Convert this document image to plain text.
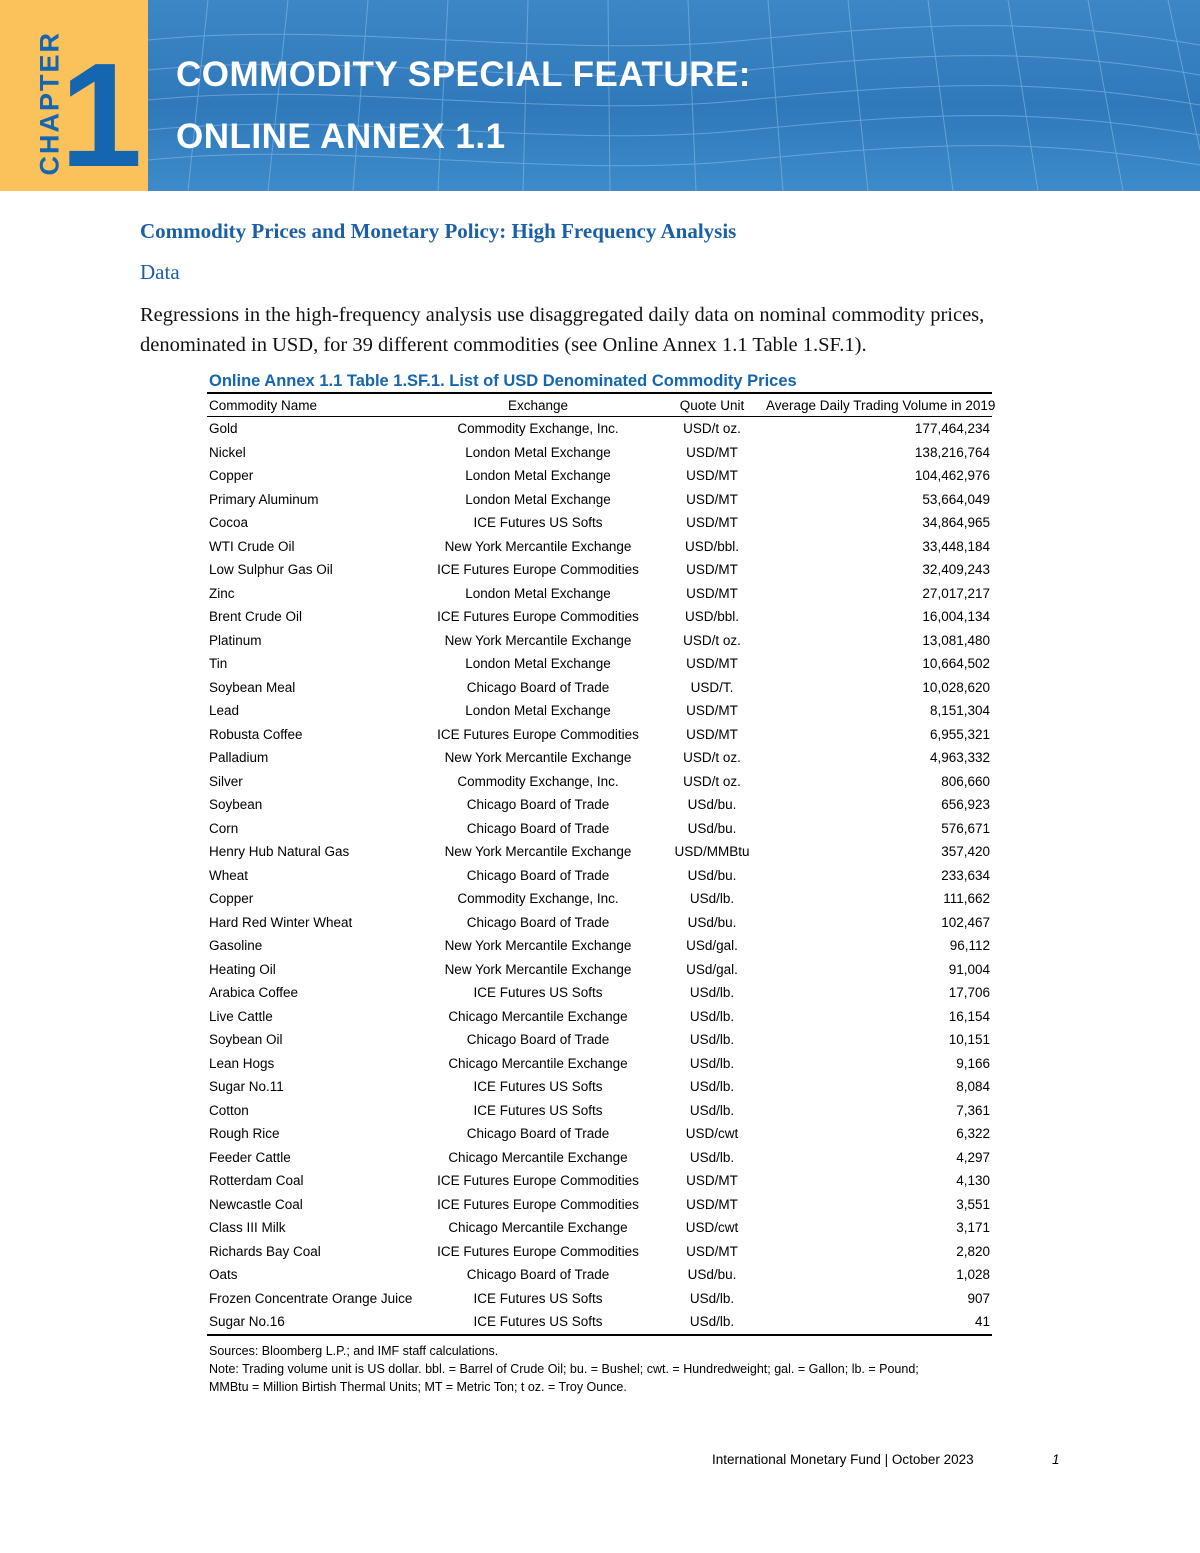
CHAPTER
1 COMMODITY SPECIAL FEATURE:
ONLINE ANNEX 1.1
Commodity Prices and Monetary Policy: High Frequency Analysis
Data
Regressions in the high-frequency analysis use disaggregated daily data on nominal commodity prices, denominated in USD, for 39 different commodities (see Online Annex 1.1 Table 1.SF.1).
Online Annex 1.1 Table 1.SF.1. List of USD Denominated Commodity Prices
Commodity Name	Exchange	Quote Unit	Average Daily Trading Volume in 2019
Gold	Commodity Exchange, Inc.	USD/t oz.	177,464,234
Nickel	London Metal Exchange	USD/MT	138,216,764
Copper	London Metal Exchange	USD/MT	104,462,976
Primary Aluminum	London Metal Exchange	USD/MT	53,664,049
Cocoa	ICE Futures US Softs	USD/MT	34,864,965
WTI Crude Oil	New York Mercantile Exchange	USD/bbl.	33,448,184
Low Sulphur Gas Oil	ICE Futures Europe Commodities	USD/MT	32,409,243
Zinc	London Metal Exchange	USD/MT	27,017,217
Brent Crude Oil	ICE Futures Europe Commodities	USD/bbl.	16,004,134
Platinum	New York Mercantile Exchange	USD/t oz.	13,081,480
Tin	London Metal Exchange	USD/MT	10,664,502
Soybean Meal	Chicago Board of Trade	USD/T.	10,028,620
Lead	London Metal Exchange	USD/MT	8,151,304
Robusta Coffee	ICE Futures Europe Commodities	USD/MT	6,955,321
Palladium	New York Mercantile Exchange	USD/t oz.	4,963,332
Silver	Commodity Exchange, Inc.	USD/t oz.	806,660
Soybean	Chicago Board of Trade	USd/bu.	656,923
Corn	Chicago Board of Trade	USd/bu.	576,671
Henry Hub Natural Gas	New York Mercantile Exchange	USD/MMBtu	357,420
Wheat	Chicago Board of Trade	USd/bu.	233,634
Copper	Commodity Exchange, Inc.	USd/lb.	111,662
Hard Red Winter Wheat	Chicago Board of Trade	USd/bu.	102,467
Gasoline	New York Mercantile Exchange	USd/gal.	96,112
Heating Oil	New York Mercantile Exchange	USd/gal.	91,004
Arabica Coffee	ICE Futures US Softs	USd/lb.	17,706
Live Cattle	Chicago Mercantile Exchange	USd/lb.	16,154
Soybean Oil	Chicago Board of Trade	USd/lb.	10,151
Lean Hogs	Chicago Mercantile Exchange	USd/lb.	9,166
Sugar No.11	ICE Futures US Softs	USd/lb.	8,084
Cotton	ICE Futures US Softs	USd/lb.	7,361
Rough Rice	Chicago Board of Trade	USD/cwt	6,322
Feeder Cattle	Chicago Mercantile Exchange	USd/lb.	4,297
Rotterdam Coal	ICE Futures Europe Commodities	USD/MT	4,130
Newcastle Coal	ICE Futures Europe Commodities	USD/MT	3,551
Class III Milk	Chicago Mercantile Exchange	USD/cwt	3,171
Richards Bay Coal	ICE Futures Europe Commodities	USD/MT	2,820
Oats	Chicago Board of Trade	USd/bu.	1,028
Frozen Concentrate Orange Juice	ICE Futures US Softs	USd/lb.	907
Sugar No.16	ICE Futures US Softs	USd/lb.	41
Sources: Bloomberg L.P.; and IMF staff calculations.
Note: Trading volume unit is US dollar. bbl. = Barrel of Crude Oil; bu. = Bushel; cwt. = Hundredweight; gal. = Gallon; lb. = Pound;
MMBtu = Million Birtish Thermal Units; MT = Metric Ton; t oz. = Troy Ounce.
International Monetary Fund | October 2023	1
